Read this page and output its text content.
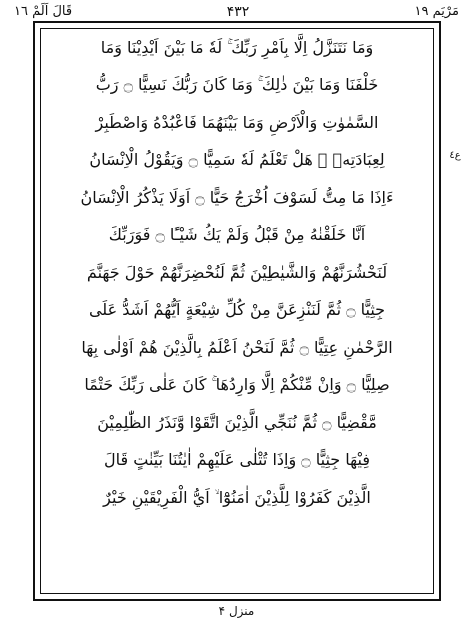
مَرْيَم ١٩
۴۳۲
قَالَ اَلَمْ ١٦
وَمَا نَتَنَزَّلُ اِلَّا بِاَمْرِ رَبِّكَ ۚ لَهٗ مَا بَيْنَ اَيْدِيْنَا وَمَا
خَلْفَنَا وَمَا بَيْنَ ذٰلِكَ ۚ وَمَا كَانَ رَبُّكَ نَسِيًّا ۝ رَبُّ
السَّمٰوٰتِ وَالْاَرْضِ وَمَا بَيْنَهُمَا فَاعْبُدْهُ وَاصْطَبِرْ
لِعِبَادَتِهٖ ۗ هَلْ تَعْلَمُ لَهٗ سَمِيًّا ۝ وَيَقُوْلُ الْاِنْسَانُ
ءَاِذَا مَا مِتُّ لَسَوْفَ اُخْرَجُ حَيًّا ۝ اَوَلَا يَذْكُرُ الْاِنْسَانُ
اَنَّا خَلَقْنٰهُ مِنْ قَبْلُ وَلَمْ يَكُ شَيْـًٔا ۝ فَوَرَبِّكَ
لَنَحْشُرَنَّهُمْ وَالشَّيٰطِيْنَ ثُمَّ لَنُحْضِرَنَّهُمْ حَوْلَ جَهَنَّمَ
جِثِيًّا ۝ ثُمَّ لَنَنْزِعَنَّ مِنْ كُلِّ شِيْعَةٍ اَيُّهُمْ اَشَدُّ عَلَى
الرَّحْمٰنِ عِتِيًّا ۝ ثُمَّ لَنَحْنُ اَعْلَمُ بِالَّذِيْنَ هُمْ اَوْلٰى بِهَا
صِلِيًّا ۝ وَاِنْ مِّنْكُمْ اِلَّا وَارِدُهَا ۚ كَانَ عَلٰى رَبِّكَ حَتْمًا
مَّقْضِيًّا ۝ ثُمَّ نُنَجِّي الَّذِيْنَ اتَّقَوْا وَّنَذَرُ الظّٰلِمِيْنَ
فِيْهَا جِثِيًّا ۝ وَاِذَا تُتْلٰى عَلَيْهِمْ اٰيٰتُنَا بَيِّنٰتٍ قَالَ
الَّذِيْنَ كَفَرُوْا لِلَّذِيْنَ اٰمَنُوْٓا ۙ اَيُّ الْفَرِيْقَيْنِ خَيْرٌ
ع٤
منزل ۴
